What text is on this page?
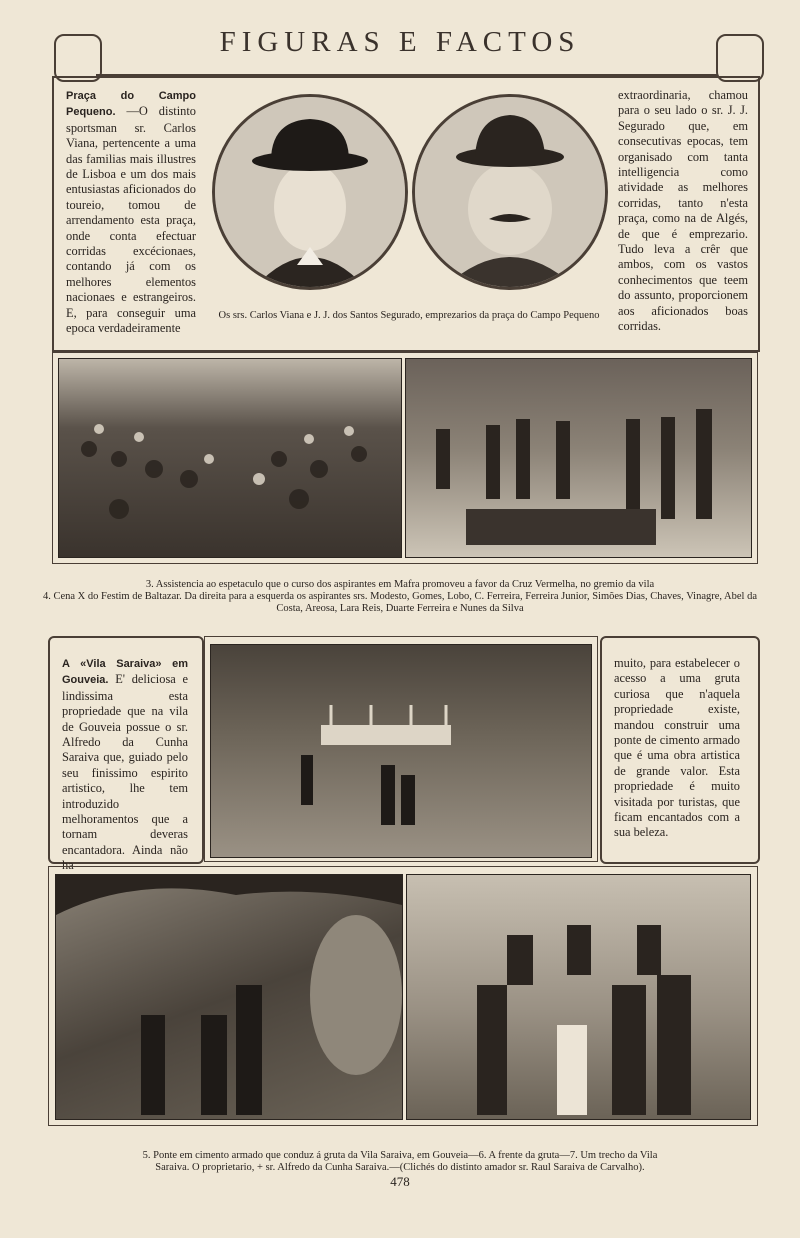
FIGURAS E FACTOS
Praça do Campo Pequeno. —O distinto sportsman sr. Carlos Viana, pertencente a uma das familias mais illustres de Lisboa e um dos mais entusiastas aficionados do toureio, tomou de arrendamento esta praça, onde conta efectuar corridas excécionaes, contando já com os melhores elementos nacionaes e estrangeiros. E, para conseguir uma epoca verdadeiramente
Os srs. Carlos Viana e J. J. dos Santos Segurado, emprezarios da praça do Campo Pequeno
extraordinaria, chamou para o seu lado o sr. J. J. Segurado que, em consecutivas epocas, tem organisado com tanta intelligencia como atividade as melhores corridas, tanto n'esta praça, como na de Algés, de que é emprezario. Tudo leva a crêr que ambos, com os vastos conhecimentos que teem do assunto, proporcionem aos aficionados boas corridas.
3. Assistencia ao espetaculo que o curso dos aspirantes em Mafra promoveu a favor da Cruz Vermelha, no gremio da vila
4. Cena X do Festim de Baltazar. Da direita para a esquerda os aspirantes srs. Modesto, Gomes, Lobo, C. Ferreira, Ferreira Junior, Simões Dias, Chaves, Vinagre, Abel da Costa, Areosa, Lara Reis, Duarte Ferreira e Nunes da Silva
A «Vila Saraiva» em Gouveia. E' deliciosa e lindissima esta propriedade que na vila de Gouveia possue o sr. Alfredo da Cunha Saraiva que, guiado pelo seu finissimo espirito artistico, lhe tem introduzido melhoramentos que a tornam deveras encantadora. Ainda não ha
muito, para estabelecer o acesso a uma gruta curiosa que n'aquela propriedade existe, mandou construir uma ponte de cimento armado que é uma obra artistica de grande valor. Esta propriedade é muito visitada por turistas, que ficam encantados com a sua beleza.
5. Ponte em cimento armado que conduz á gruta da Vila Saraiva, em Gouveia—6. A frente da gruta—7. Um trecho da Vila
Saraiva. O proprietario, + sr. Alfredo da Cunha Saraiva.—(Clichés do distinto amador sr. Raul Saraiva de Carvalho).
478
